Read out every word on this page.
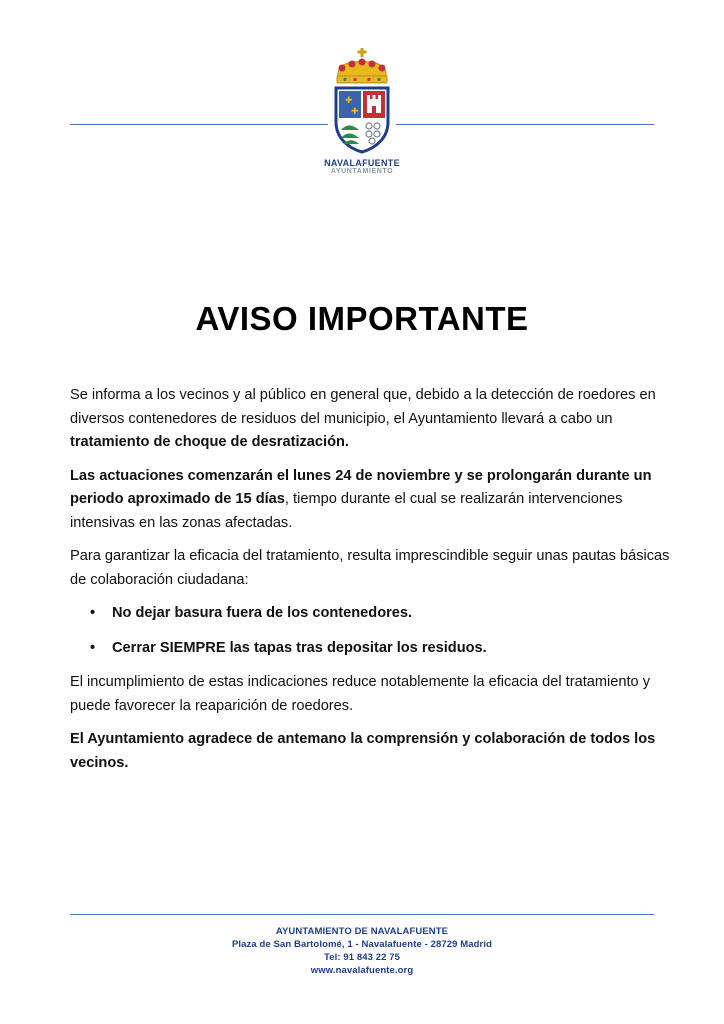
✚
✚
NAVALAFUENTE
AYUNTAMIENTO
AVISO IMPORTANTE

Se informa a los vecinos y al público en general que, debido a la detección de roedores en diversos contenedores de residuos del municipio, el Ayuntamiento llevará a cabo un tratamiento de choque de desratización.

Las actuaciones comenzarán el lunes 24 de noviembre y se prolongarán durante un periodo aproximado de 15 días, tiempo durante el cual se realizarán intervenciones intensivas en las zonas afectadas.

Para garantizar la eficacia del tratamiento, resulta imprescindible seguir unas pautas básicas de colaboración ciudadana:

• No dejar basura fuera de los contenedores.
• Cerrar SIEMPRE las tapas tras depositar los residuos.

El incumplimiento de estas indicaciones reduce notablemente la eficacia del tratamiento y puede favorecer la reaparición de roedores.

El Ayuntamiento agradece de antemano la comprensión y colaboración de todos los vecinos.

AYUNTAMIENTO DE NAVALAFUENTE
Plaza de San Bartolomé, 1 - Navalafuente - 28729 Madrid
Tel: 91 843 22 75
www.navalafuente.org
